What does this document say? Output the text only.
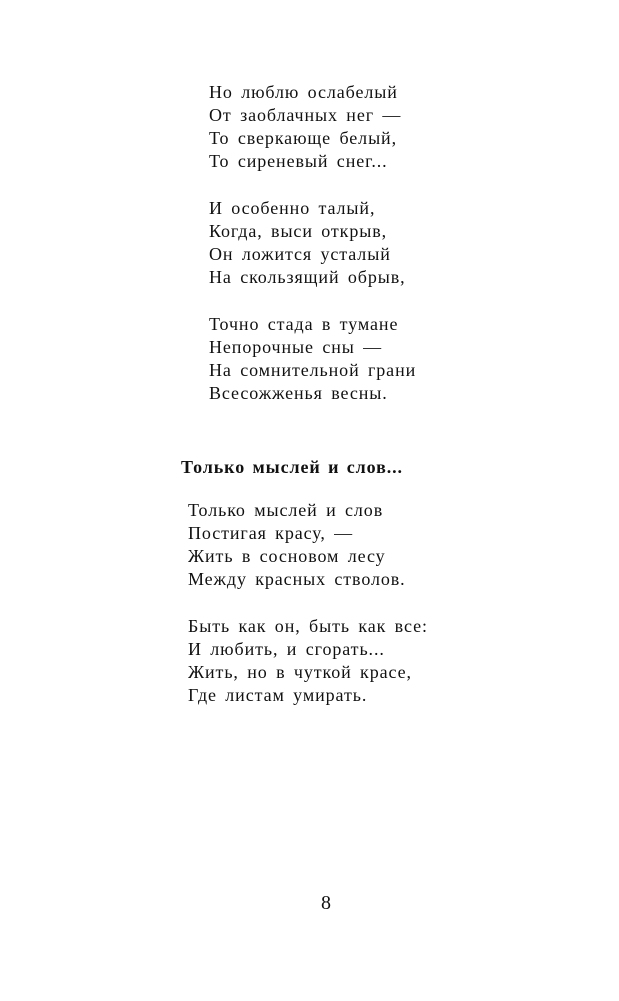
Но люблю ослабелый
От заоблачных нег —
То сверкающе белый,
То сиреневый снег...
И особенно талый,
Когда, выси открыв,
Он ложится усталый
На скользящий обрыв,
Точно стада в тумане
Непорочные сны —
На сомнительной грани
Всесожженья весны.
Только мыслей и слов...
Только мыслей и слов
Постигая красу, —
Жить в сосновом лесу
Между красных стволов.
Быть как он, быть как все:
И любить, и сгорать...
Жить, но в чуткой красе,
Где листам умирать.
8
